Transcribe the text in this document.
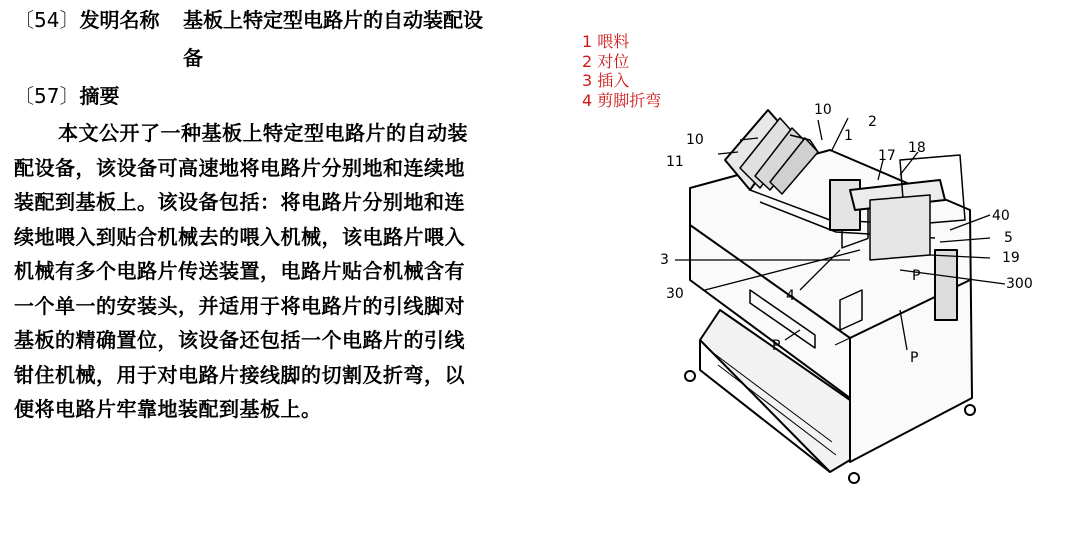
〔54〕发明名称 基板上特定型电路片的自动装配设
备
〔57〕摘要
本文公开了一种基板上特定型电路片的自动装
配设备，该设备可高速地将电路片分别地和连续地
装配到基板上。该设备包括：将电路片分别地和连
续地喂入到贴合机械去的喂入机械，该电路片喂入
机械有多个电路片传送装置，电路片贴合机械含有
一个单一的安装头，并适用于将电路片的引线脚对
基板的精确置位，该设备还包括一个电路片的引线
钳住机械，用于对电路片接线脚的切割及折弯，以
便将电路片牢靠地装配到基板上。
1 喂料
2 对位
3 插入
4 剪脚折弯
10
10
11
1
2
17 18
40
5
19
300
3
30	4
P
P
P
